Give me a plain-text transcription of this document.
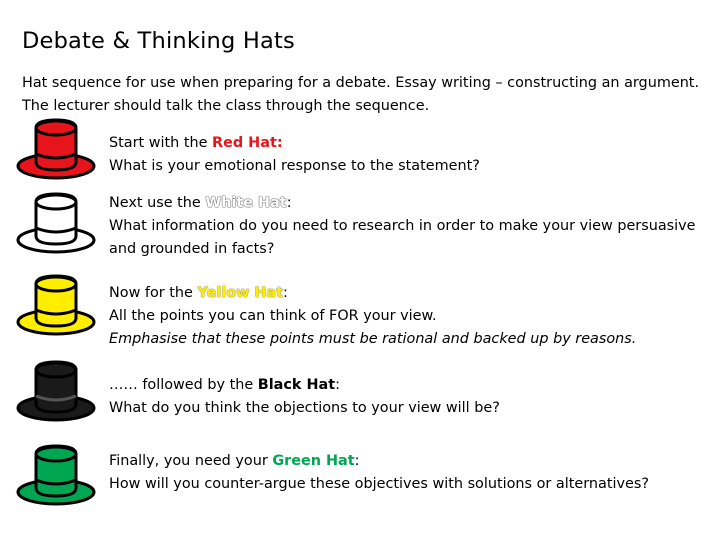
Debate & Thinking Hats
Hat sequence for use when preparing for a debate. Essay writing – constructing an argument.
The lecturer should talk the class through the sequence.
Start with the Red Hat:
What is your emotional response to the statement?
Next use the White Hat:
What information do you need to research in order to make your view persuasive
and grounded in facts?
Now for the Yellow Hat:
All the points you can think of FOR your view.
Emphasise that these points must be rational and backed up by reasons.
…… followed by the Black Hat:
What do you think the objections to your view will be?
Finally, you need your Green Hat:
How will you counter-argue these objectives with solutions or alternatives?
